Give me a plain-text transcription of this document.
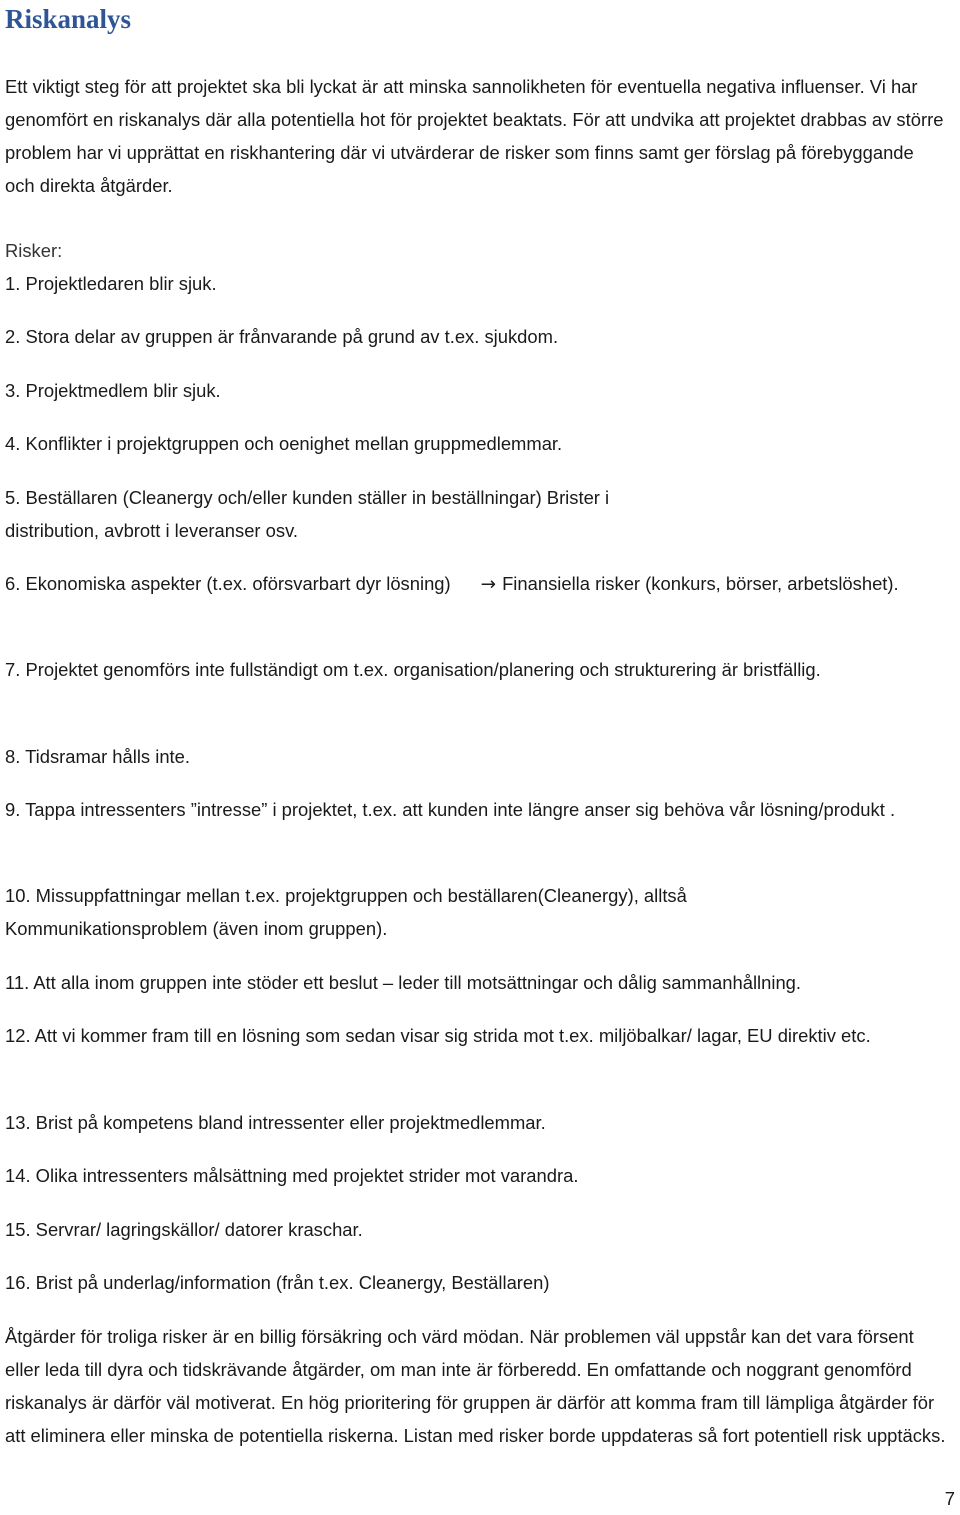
Riskanalys

Ett viktigt steg för att projektet ska bli lyckat är att minska sannolikheten för eventuella negativa influenser. Vi har genomfört en riskanalys där alla potentiella hot för projektet beaktats. För att undvika att projektet drabbas av större problem har vi upprättat en riskhantering där vi utvärderar de risker som finns samt ger förslag på förebyggande och direkta åtgärder.

Risker:
1. Projektledaren blir sjuk.
2. Stora delar av gruppen är frånvarande på grund av t.ex. sjukdom.
3. Projektmedlem blir sjuk.
4. Konflikter i projektgruppen och oenighet mellan gruppmedlemmar.
5. Beställaren (Cleanergy och/eller kunden ställer in beställningar) Brister i distribution, avbrott i leveranser osv.
6. Ekonomiska aspekter (t.ex. oförsvarbart dyr lösning) → Finansiella risker (konkurs, börser, arbetslöshet).
7. Projektet genomförs inte fullständigt om t.ex. organisation/planering och strukturering är bristfällig.
8. Tidsramar hålls inte.
9. Tappa intressenters ”intresse” i projektet, t.ex. att kunden inte längre anser sig behöva vår lösning/produkt .
10. Missuppfattningar mellan t.ex. projektgruppen och beställaren(Cleanergy), alltså Kommunikationsproblem (även inom gruppen).
11. Att alla inom gruppen inte stöder ett beslut – leder till motsättningar och dålig sammanhållning.
12. Att vi kommer fram till en lösning som sedan visar sig strida mot t.ex. miljöbalkar/ lagar, EU direktiv etc.
13. Brist på kompetens bland intressenter eller projektmedlemmar.
14. Olika intressenters målsättning med projektet strider mot varandra.
15. Servrar/ lagringskällor/ datorer kraschar.
16. Brist på underlag/information (från t.ex. Cleanergy, Beställaren)

Åtgärder för troliga risker är en billig försäkring och värd mödan. När problemen väl uppstår kan det vara försent eller leda till dyra och tidskrävande åtgärder, om man inte är förberedd. En omfattande och noggrant genomförd riskanalys är därför väl motiverat. En hög prioritering för gruppen är därför att komma fram till lämpliga åtgärder för att eliminera eller minska de potentiella riskerna. Listan med risker borde uppdateras så fort potentiell risk upptäcks.

7
